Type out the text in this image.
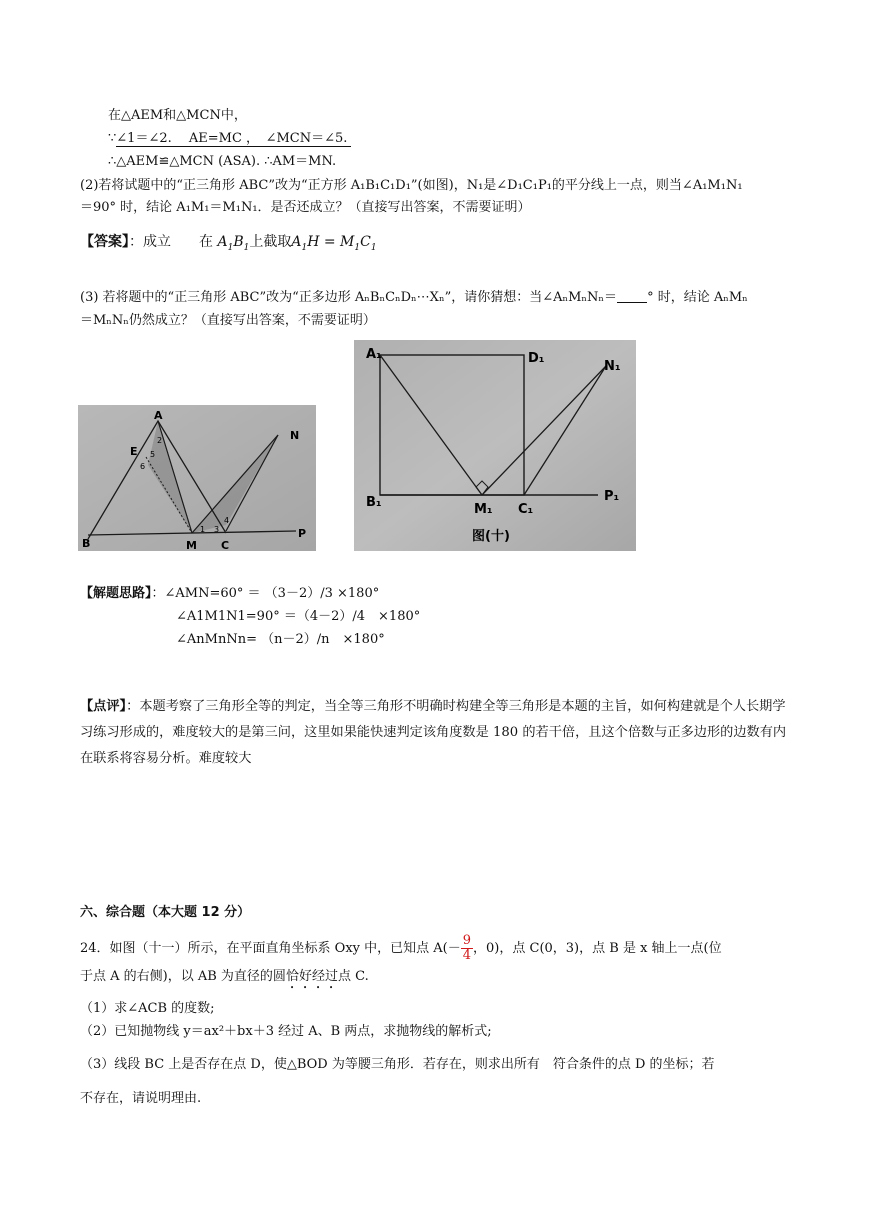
在△AEM和△MCN中，
∵∠1＝∠2.　 AE=MC ，　 ∠MCN＝∠5.
∴△AEM≌△MCN (ASA). ∴AM＝MN.
(2)若将试题中的“正三角形 ABC”改为“正方形 A₁B₁C₁D₁”(如图)，N₁是∠D₁C₁P₁的平分线上一点，则当∠A₁M₁N₁
＝90° 时，结论 A₁M₁＝M₁N₁．是否还成立？（直接写出答案，不需要证明）
【答案】：成立　　在 $A_1B_1$上截取$A_1H = M_1C_1$
(3) 若将题中的“正三角形 ABC”改为“正多边形 AₙBₙCₙDₙ⋯Xₙ”，请你猜想：当∠AₙMₙNₙ＝ ° 时，结论 AₙMₙ
＝MₙNₙ仍然成立？（直接写出答案，不需要证明）
A
E
N
B	M C
P
2
5
6
1 3
4
A₁	D₁
N₁
B₁	M₁ C₁
P₁
图(十)
【解题思路】：∠AMN=60° ＝ （3－2）/3 ×180°
∠A1M1N1=90° ＝（4－2）/4　×180°
∠AnMnNn= （n－2）/n　×180°
【点评】：本题考察了三角形全等的判定，当全等三角形不明确时构建全等三角形是本题的主旨，如何构建就是个人长期学习练习形成的，难度较大的是第三问，这里如果能快速判定该角度数是 180 的若干倍，且这个倍数与正多边形的边数有内在联系将容易分析。难度较大
六、综合题（本大题 12 分）
24．如图（十一）所示，在平面直角坐标系 Oxy 中，已知点 $A(- \frac{9}{4}$ ，0)，点 C(0，3)，点 B 是 x 轴上一点(位
于点 A 的右侧)，以 AB 为直径的圆恰好经过点 C.
（1）求∠ACB 的度数;
（2）已知抛物线 y＝ax²＋bx＋3 经过 A、B 两点，求抛物线的解析式;
（3）线段 BC 上是否存在点 D，使△BOD 为等腰三角形．若存在，则求出所有　符合条件的点 D 的坐标；若
不存在，请说明理由.
